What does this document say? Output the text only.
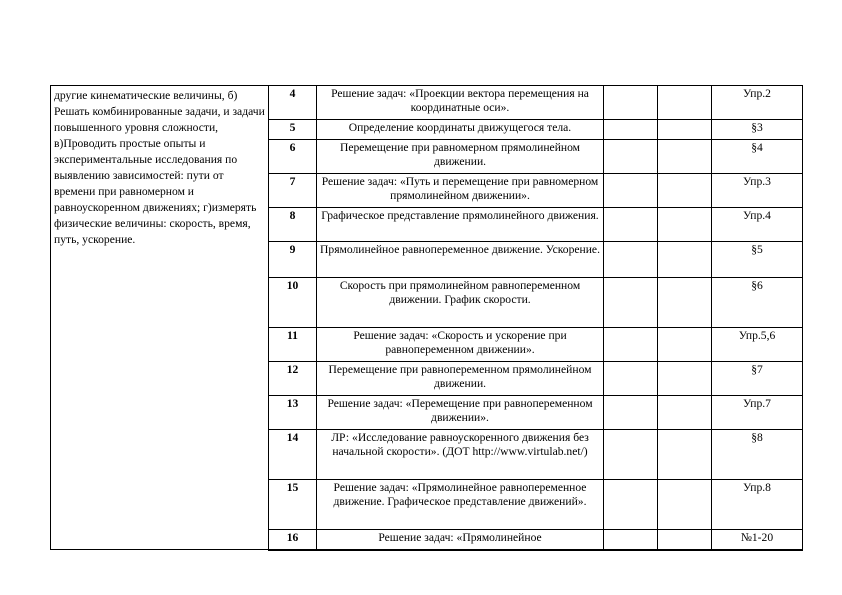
другие кинематические величины, б) Решать комбинированные задачи, и задачи повышенного уровня сложности, в)Проводить простые опыты и экспериментальные исследования по выявлению зависимостей: пути от времени при равномерном и равноускоренном движениях; г)измерять физические величины: скорость, время, путь, ускорение.	4	Решение задач: «Проекции вектора перемещения на координатные оси».			Упр.2
	5	Определение координаты движущегося тела.			§3
	6	Перемещение при равномерном прямолинейном движении.			§4
	7	Решение задач: «Путь и перемещение при равномерном прямолинейном движении».			Упр.3
	8	Графическое представление прямолинейного движения.			Упр.4
	9	Прямолинейное равнопеременное движение. Ускорение.			§5
	10	Скорость при прямолинейном равнопеременном движении. График скорости.			§6
	11	Решение задач: «Скорость и ускорение при равнопеременном движении».			Упр.5,6
	12	Перемещение при равнопеременном прямолинейном движении.			§7
	13	Решение задач: «Перемещение при равнопеременном движении».			Упр.7
	14	ЛР: «Исследование равноускоренного движения без начальной скорости». (ДОТ http://www.virtulab.net/)			§8
	15	Решение задач: «Прямолинейное равнопеременное движение. Графическое представление движений».			Упр.8
	16	Решение задач: «Прямолинейное			№1-20
